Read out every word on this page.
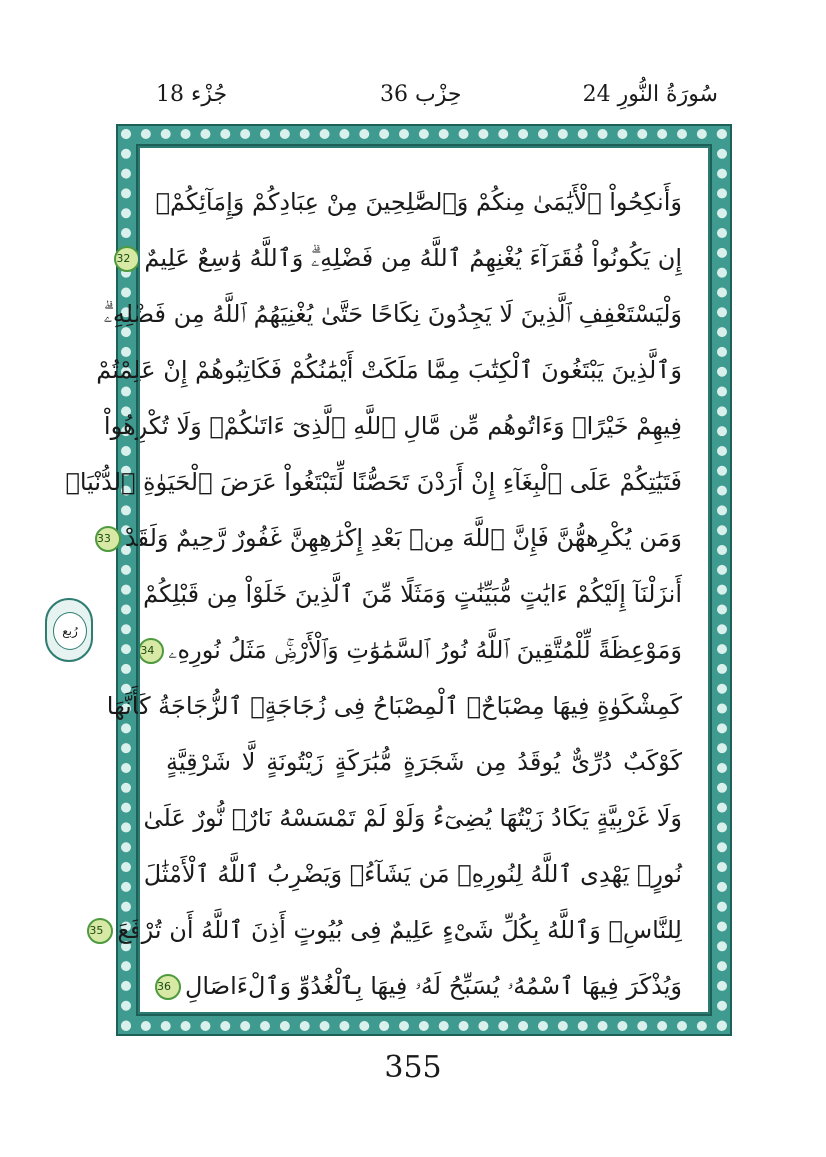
جُزْء 18	حِزْب 36	24 سُورَةُ النُّورِ
رُبع
وَأَنكِحُواْ ٱلْأَيَٰمَىٰ مِنكُمْ وَٱلصَّٰلِحِينَ مِنْ عِبَادِكُمْ وَإِمَآئِكُمْۚ
إِن يَكُونُواْ فُقَرَآءَ يُغْنِهِمُ ٱللَّهُ مِن فَضْلِهِۦۗ وَٱللَّهُ وَٰسِعٌ عَلِيمٌ32
وَلْيَسْتَعْفِفِ ٱلَّذِينَ لَا يَجِدُونَ نِكَاحًا حَتَّىٰ يُغْنِيَهُمُ ٱللَّهُ مِن فَضْلِهِۦۗ
وَٱلَّذِينَ يَبْتَغُونَ ٱلْكِتَٰبَ مِمَّا مَلَكَتْ أَيْمَٰنُكُمْ فَكَاتِبُوهُمْ إِنْ عَلِمْتُمْ
فِيهِمْ خَيْرًاۖ وَءَاتُوهُم مِّن مَّالِ ٱللَّهِ ٱلَّذِىٓ ءَاتَىٰكُمْۚ وَلَا تُكْرِهُواْ
فَتَيَٰتِكُمْ عَلَى ٱلْبِغَآءِ إِنْ أَرَدْنَ تَحَصُّنًا لِّتَبْتَغُواْ عَرَضَ ٱلْحَيَوٰةِ ٱلدُّنْيَاۚ
وَمَن يُكْرِههُّنَّ فَإِنَّ ٱللَّهَ مِنۢ بَعْدِ إِكْرَٰهِهِنَّ غَفُورٌ رَّحِيمٌ وَلَقَدْ33
أَنزَلْنَآ إِلَيْكُمْ ءَايَٰتٍ مُّبَيِّنَٰتٍ وَمَثَلًا مِّنَ ٱلَّذِينَ خَلَوْاْ مِن قَبْلِكُمْ
وَمَوْعِظَةً لِّلْمُتَّقِينَ ٱللَّهُ نُورُ ٱلسَّمَٰوَٰتِ وَٱلْأَرْضِۚ مَثَلُ نُورِهِۦ34
كَمِشْكَوٰةٍ فِيهَا مِصْبَاحٌۖ ٱلْمِصْبَاحُ فِى زُجَاجَةٍۖ ٱلزُّجَاجَةُ كَأَنَّهَا
كَوْكَبٌ دُرِّىٌّ يُوقَدُ مِن شَجَرَةٍ مُّبَٰرَكَةٍ زَيْتُونَةٍ لَّا شَرْقِيَّةٍ
وَلَا غَرْبِيَّةٍ يَكَادُ زَيْتُهَا يُضِىٓءُ وَلَوْ لَمْ تَمْسَسْهُ نَارٌۚ نُّورٌ عَلَىٰ
نُورٍۗ يَهْدِى ٱللَّهُ لِنُورِهِۦ مَن يَشَآءُۚ وَيَضْرِبُ ٱللَّهُ ٱلْأَمْثَٰلَ
لِلنَّاسِۗ وَٱللَّهُ بِكُلِّ شَىْءٍ عَلِيمٌ فِى بُيُوتٍ أَذِنَ ٱللَّهُ أَن تُرْفَعَ35
وَيُذْكَرَ فِيهَا ٱسْمُهُۥ يُسَبِّحُ لَهُۥ فِيهَا بِٱلْغُدُوِّ وَٱلْءَاصَالِ36
355
